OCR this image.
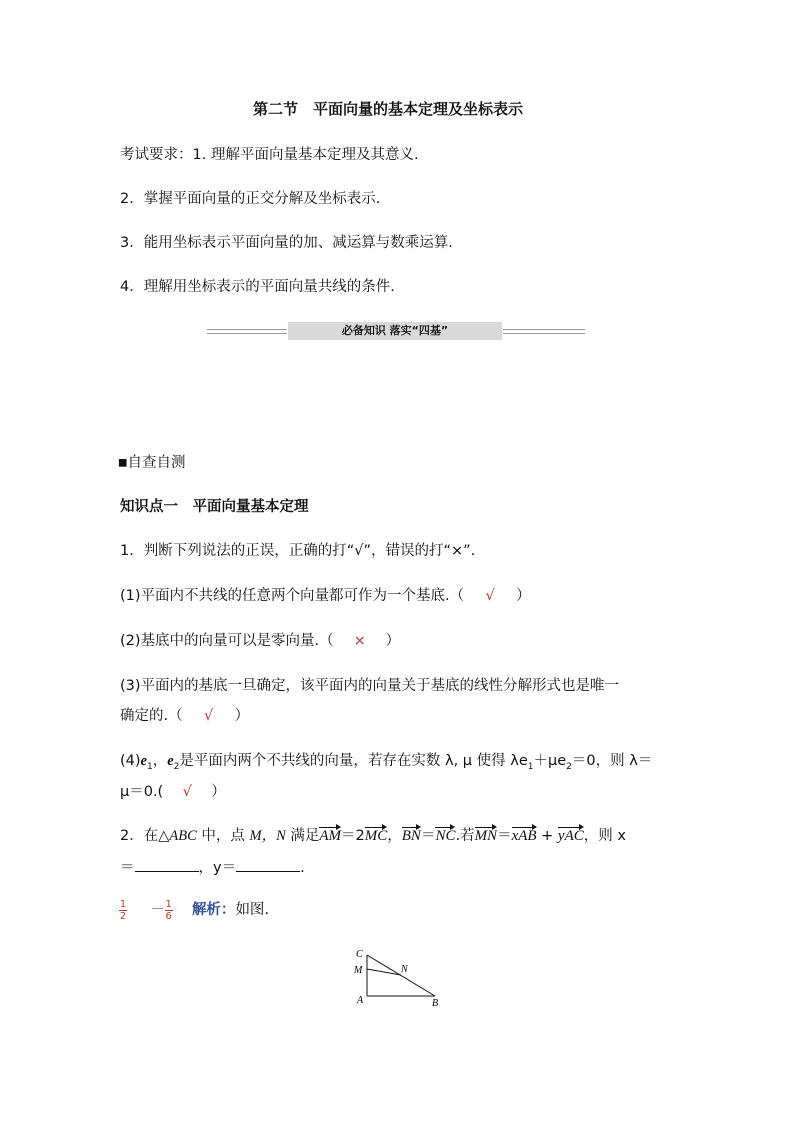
第二节　平面向量的基本定理及坐标表示
考试要求：1. 理解平面向量基本定理及其意义.
2．掌握平面向量的正交分解及坐标表示.
3．能用坐标表示平面向量的加、减运算与数乘运算.
4．理解用坐标表示的平面向量共线的条件.
必备知识 落实“四基”
■自查自测
知识点一　平面向量基本定理
1．判断下列说法的正误，正确的打“√”，错误的打“×”.
(1)平面内不共线的任意两个向量都可作为一个基底.（ √ ）
(2)基底中的向量可以是零向量.（ × ）
(3)平面内的基底一旦确定，该平面内的向量关于基底的线性分解形式也是唯一
确定的.（ √ ）
$(4)e_1$，$e_2$是平面内两个不共线的向量，若存在实数 λ, μ 使得 $\lambda e_1+\mu e_2=0$，则 λ＝
μ＝0.( √ ）
2．在△ABC 中，点 M，N 满足AM＝2MC，BN＝NC.若MN＝xAB + yAC，则 x
＝	，y＝	.
$\frac{1}{2} - \frac{1}{6}$ 解析：如图.
C
M	N
A	B
